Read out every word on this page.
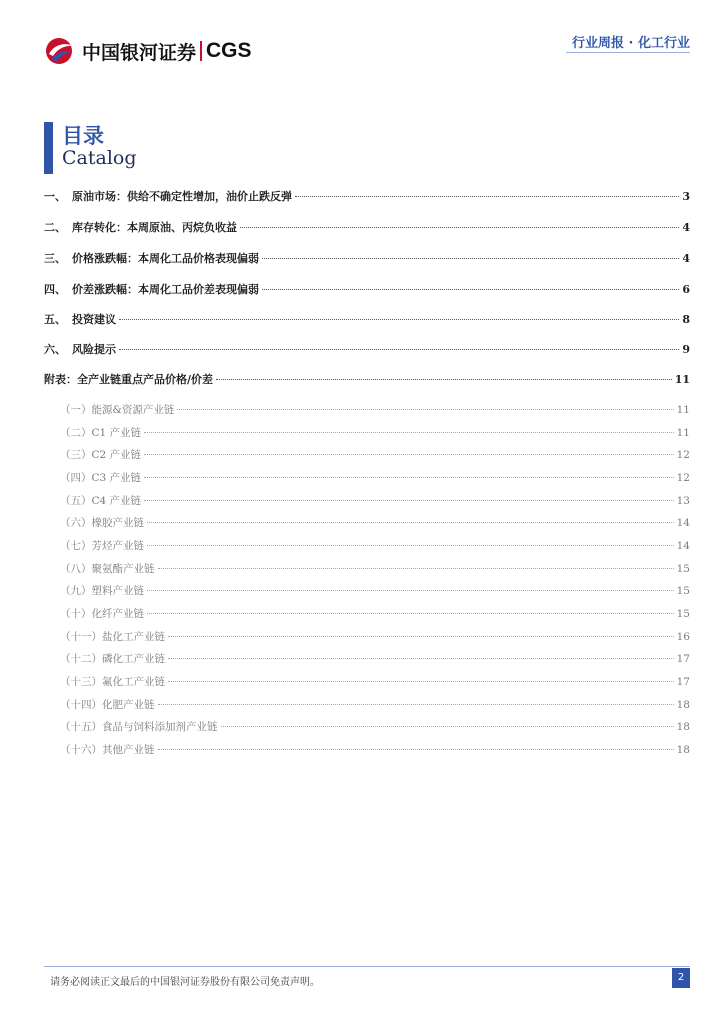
中国银河证券 CGS	行业周报 · 化工行业
目录
Catalog
一、 原油市场：供给不确定性增加，油价止跌反弹	3
二、 库存转化：本周原油、丙烷负收益	4
三、 价格涨跌幅：本周化工品价格表现偏弱	4
四、 价差涨跌幅：本周化工品价差表现偏弱	6
五、 投资建议	8
六、 风险提示	9
附表：全产业链重点产品价格/价差	11
（一） 能源&资源产业链	11
（二） C1 产业链	11
（三） C2 产业链	12
（四） C3 产业链	12
（五） C4 产业链	13
（六） 橡胶产业链	14
（七） 芳烃产业链	14
（八） 聚氨酯产业链	15
（九） 塑料产业链	15
（十） 化纤产业链	15
（十一） 盐化工产业链	16
（十二） 磷化工产业链	17
（十三） 氟化工产业链	17
（十四） 化肥产业链	18
（十五） 食品与饲料添加剂产业链	18
（十六） 其他产业链	18
请务必阅读正文最后的中国银河证券股份有限公司免责声明。	2
